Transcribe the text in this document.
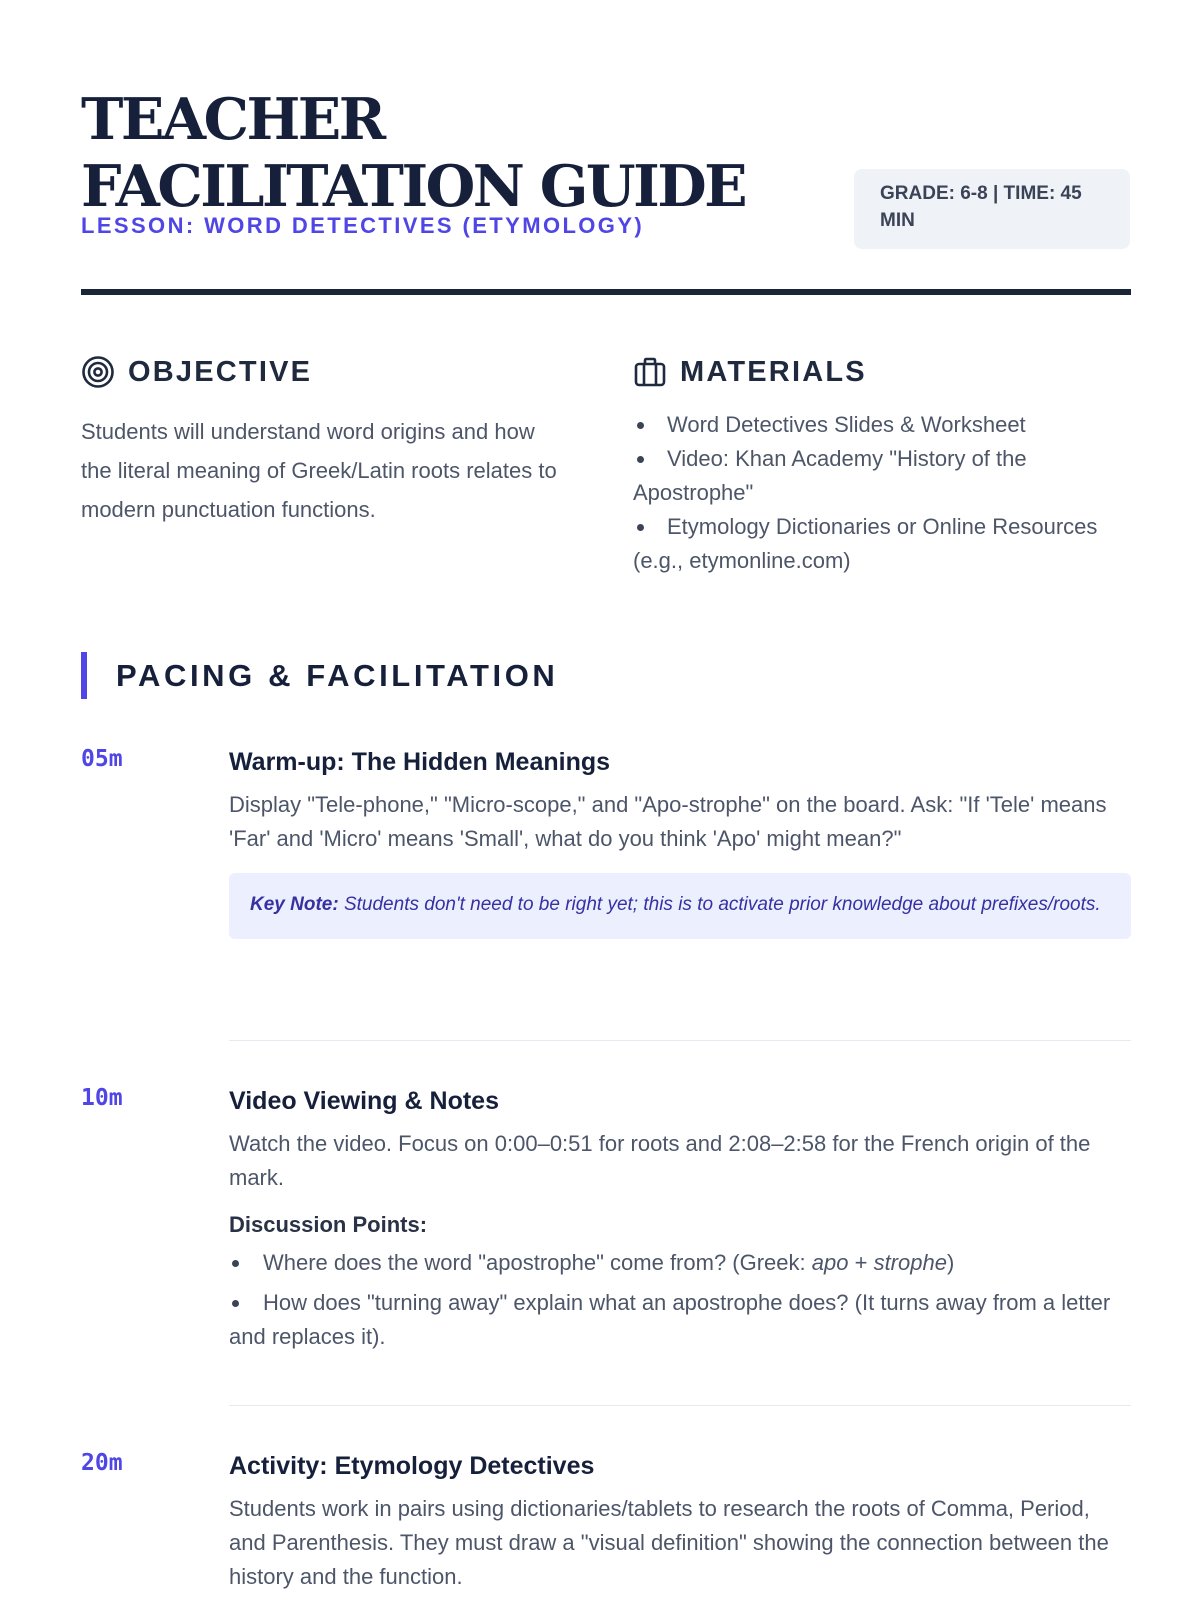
TEACHER FACILITATION GUIDE
LESSON: WORD DETECTIVES (ETYMOLOGY)
GRADE: 6-8 | TIME: 45 MIN
OBJECTIVE
Students will understand word origins and how the literal meaning of Greek/Latin roots relates to modern punctuation functions.
MATERIALS
Word Detectives Slides & Worksheet
Video: Khan Academy "History of the Apostrophe"
Etymology Dictionaries or Online Resources (e.g., etymonline.com)
PACING & FACILITATION
05m	Warm-up: The Hidden Meanings
Display "Tele-phone," "Micro-scope," and "Apo-strophe" on the board. Ask: "If 'Tele' means 'Far' and 'Micro' means 'Small', what do you think 'Apo' might mean?"
Key Note: Students don't need to be right yet; this is to activate prior knowledge about prefixes/roots.
10m	Video Viewing & Notes
Watch the video. Focus on 0:00–0:51 for roots and 2:08–2:58 for the French origin of the mark.
Discussion Points:
Where does the word "apostrophe" come from? (Greek: apo + strophe)
How does "turning away" explain what an apostrophe does? (It turns away from a letter and replaces it).
20m	Activity: Etymology Detectives
Students work in pairs using dictionaries/tablets to research the roots of Comma, Period, and Parenthesis. They must draw a "visual definition" showing the connection between the history and the function.
